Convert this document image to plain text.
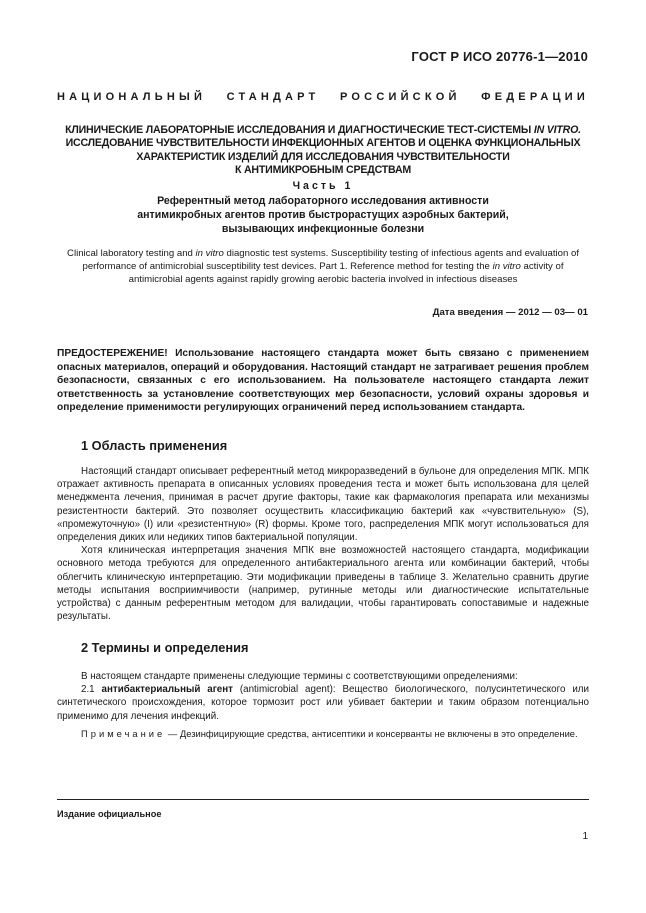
ГОСТ Р ИСО 20776-1—2010
НАЦИОНАЛЬНЫЙ СТАНДАРТ РОССИЙСКОЙ ФЕДЕРАЦИИ
КЛИНИЧЕСКИЕ ЛАБОРАТОРНЫЕ ИССЛЕДОВАНИЯ И ДИАГНОСТИЧЕСКИЕ ТЕСТ-СИСТЕМЫ IN VITRO.
ИССЛЕДОВАНИЕ ЧУВСТВИТЕЛЬНОСТИ ИНФЕКЦИОННЫХ АГЕНТОВ И ОЦЕНКА ФУНКЦИОНАЛЬНЫХ
ХАРАКТЕРИСТИК ИЗДЕЛИЙ ДЛЯ ИССЛЕДОВАНИЯ ЧУВСТВИТЕЛЬНОСТИ
К АНТИМИКРОБНЫМ СРЕДСТВАМ
Часть 1
Референтный метод лабораторного исследования активности
антимикробных агентов против быстрорастущих аэробных бактерий,
вызывающих инфекционные болезни
Clinical laboratory testing and in vitro diagnostic test systems. Susceptibility testing of infectious agents and evaluation of performance of antimicrobial susceptibility test devices. Part 1. Reference method for testing the in vitro activity of antimicrobial agents against rapidly growing aerobic bacteria involved in infectious diseases
Дата введения — 2012 — 03— 01
ПРЕДОСТЕРЕЖЕНИЕ! Использование настоящего стандарта может быть связано с применением опасных материалов, операций и оборудования. Настоящий стандарт не затрагивает решения проблем безопасности, связанных с его использованием. На пользователе настоящего стандарта лежит ответственность за установление соответствующих мер безопасности, условий охраны здоровья и определение применимости регулирующих ограничений перед использованием стандарта.
1 Область применения

Настоящий стандарт описывает референтный метод микроразведений в бульоне для определения МПК. МПК отражает активность препарата в описанных условиях проведения теста и может быть использована для целей менеджмента лечения, принимая в расчет другие факторы, такие как фармакология препарата или механизмы резистентности бактерий. Это позволяет осуществить классификацию бактерий как «чувствительную» (S), «промежуточную» (I) или «резистентную» (R) формы. Кроме того, распределения МПК могут использоваться для определения диких или недиких типов бактериальной популяции.

Хотя клиническая интерпретация значения МПК вне возможностей настоящего стандарта, модификации основного метода требуются для определенного антибактериального агента или комбинации бактерий, чтобы облегчить клиническую интерпретацию. Эти модификации приведены в таблице 3. Желательно сравнить другие методы испытания восприимчивости (например, рутинные методы или диагностические испытательные устройства) с данным референтным методом для валидации, чтобы гарантировать сопоставимые и надежные результаты.

2 Термины и определения

В настоящем стандарте применены следующие термины с соответствующими определениями:

2.1 антибактериальный агент (antimicrobial agent): Вещество биологического, полусинтетического или синтетического происхождения, которое тормозит рост или убивает бактерии и таким образом потенциально применимо для лечения инфекций.

Примечание — Дезинфицирующие средства, антисептики и консерванты не включены в это определение.
Издание официальное
1
